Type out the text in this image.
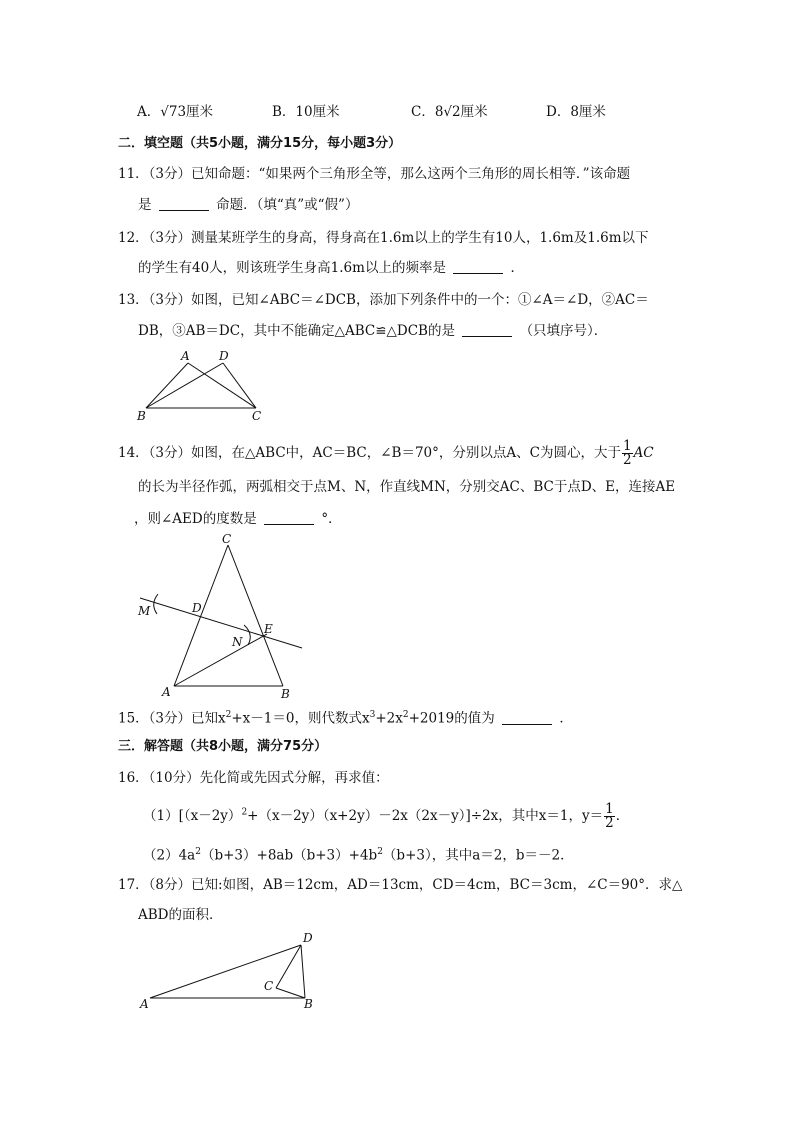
A．√73厘米	B．10厘米	C．8√2厘米	D．8厘米
二．填空题（共5小题，满分15分，每小题3分）
11．（3分）已知命题：“如果两个三角形全等，那么这两个三角形的周长相等．”该命题
是	命题．（填“真”或“假”）
12．（3分）测量某班学生的身高，得身高在1.6m以上的学生有10人，1.6m及1.6m以下
的学生有40人，则该班学生身高1.6m以上的频率是	．
13．（3分）如图，已知∠ABC＝∠DCB，添加下列条件中的一个：①∠A＝∠D，②AC＝
DB，③AB＝DC，其中不能确定△ABC≌△DCB的是	（只填序号）．
A D
B	C
14．（3分）如图，在△ABC中，AC＝BC，∠B＝70°，分别以点A、C为圆心，大于 $\frac{1}{2}$ AC
的长为半径作弧，两弧相交于点M、N，作直线MN，分别交AC、BC于点D、E，连接AE
，则∠AED的度数是	°．
C
M	D
N
E
A	B
15．（3分）已知$x^2+x-1=0$，则代数式$x^3+2x^2+2019$的值为	．
三．解答题（共8小题，满分75分）
16．（10分）先化简或先因式分解，再求值：
$(1)[(x-2y)^2+(x-2y)(x+2y)-2x(2x-y)]\div 2x$，其中x＝1，$y= \frac{1}{2}$ ．
$(2)4a^2(b+3)+8ab(b+3)+4b^2(b+3)$，其中a＝2，b＝－2．
17．（8分）已知:如图，AB＝12cm，AD＝13cm，CD＝4cm，BC＝3cm，∠C＝90°．求△
ABD的面积．
D
C
A	B
